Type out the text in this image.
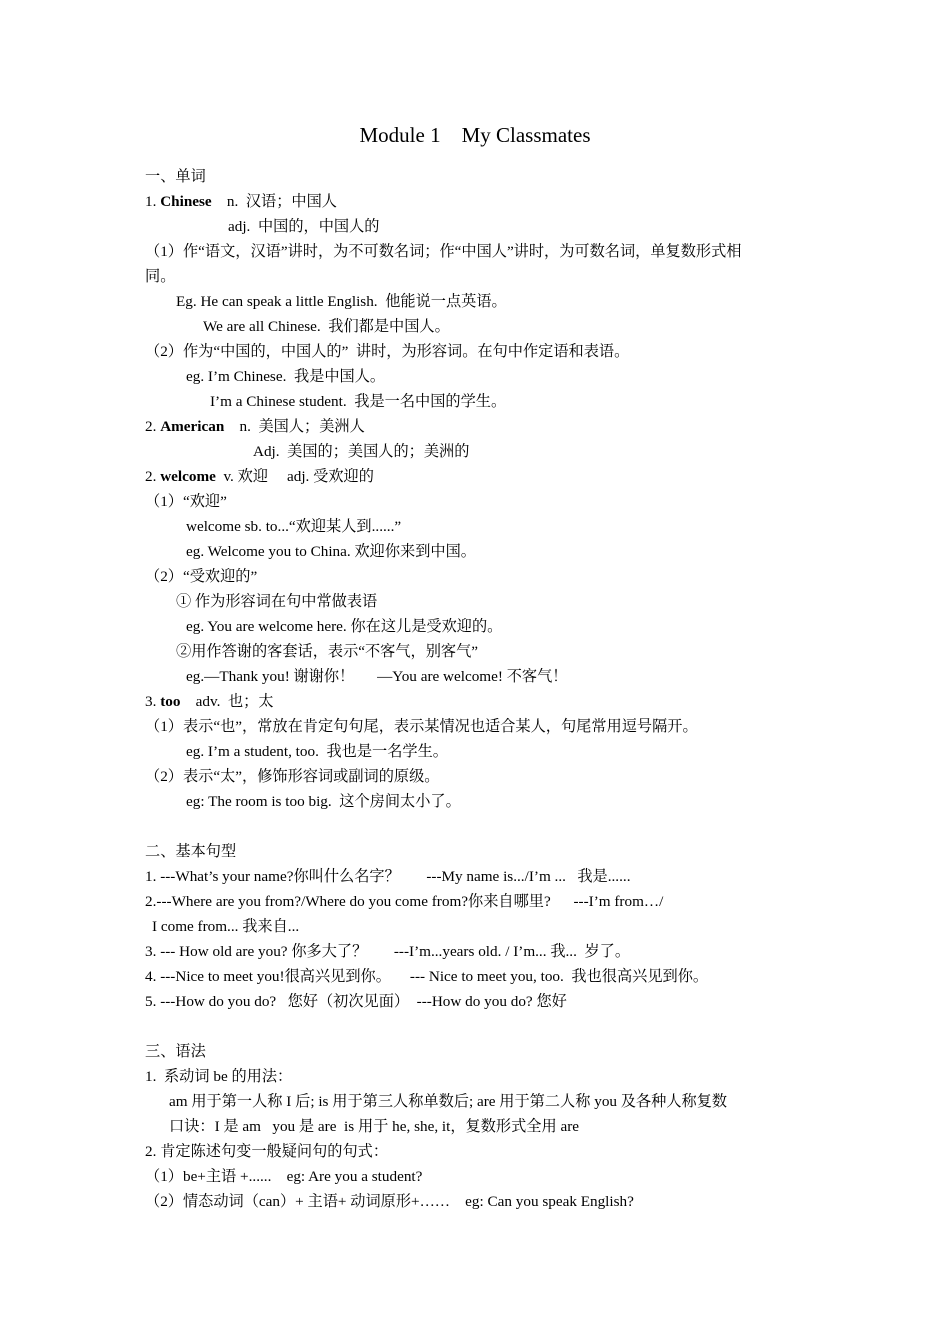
Module 1    My Classmates
一、单词
1. Chinese    n.  汉语；中国人
adj.  中国的，中国人的
（1）作“语文，汉语”讲时，为不可数名词；作“中国人”讲时，为可数名词，单复数形式相
同。
Eg. He can speak a little English.  他能说一点英语。
We are all Chinese.  我们都是中国人。
（2）作为“中国的，中国人的”  讲时，为形容词。在句中作定语和表语。
eg. I’m Chinese.  我是中国人。
I’m a Chinese student.  我是一名中国的学生。
2. American    n.  美国人；美洲人
Adj.  美国的；美国人的；美洲的
2. welcome  v. 欢迎     adj. 受欢迎的
（1）“欢迎”
welcome sb. to...“欢迎某人到......”
eg. Welcome you to China. 欢迎你来到中国。
（2）“受欢迎的”
① 作为形容词在句中常做表语
eg. You are welcome here. 你在这儿是受欢迎的。
②用作答谢的客套话，表示“不客气，别客气”
eg.—Thank you! 谢谢你！      —You are welcome! 不客气！
3. too    adv.  也；太
（1）表示“也”，常放在肯定句句尾，表示某情况也适合某人，句尾常用逗号隔开。
eg. I’m a student, too.  我也是一名学生。
（2）表示“太”，修饰形容词或副词的原级。
eg: The room is too big.  这个房间太小了。
二、基本句型
1. ---What’s your name?你叫什么名字？       ---My name is.../I’m ...   我是......
2.---Where are you from?/Where do you come from?你来自哪里?      ---I’m from…/
I come from... 我来自...
3. --- How old are you? 你多大了？       ---I’m...years old. / I’m... 我...  岁了。
4. ---Nice to meet you!很高兴见到你。     --- Nice to meet you, too.  我也很高兴见到你。
5. ---How do you do?   您好（初次见面）  ---How do you do? 您好
三、语法
1.  系动词 be 的用法：
am 用于第一人称 I 后; is 用于第三人称单数后; are 用于第二人称 you 及各种人称复数
口诀：I 是 am   you 是 are  is 用于 he, she, it，复数形式全用 are
2. 肯定陈述句变一般疑问句的句式：
（1）be+主语 +......    eg: Are you a student?
（2）情态动词（can）+ 主语+ 动词原形+……    eg: Can you speak English?
